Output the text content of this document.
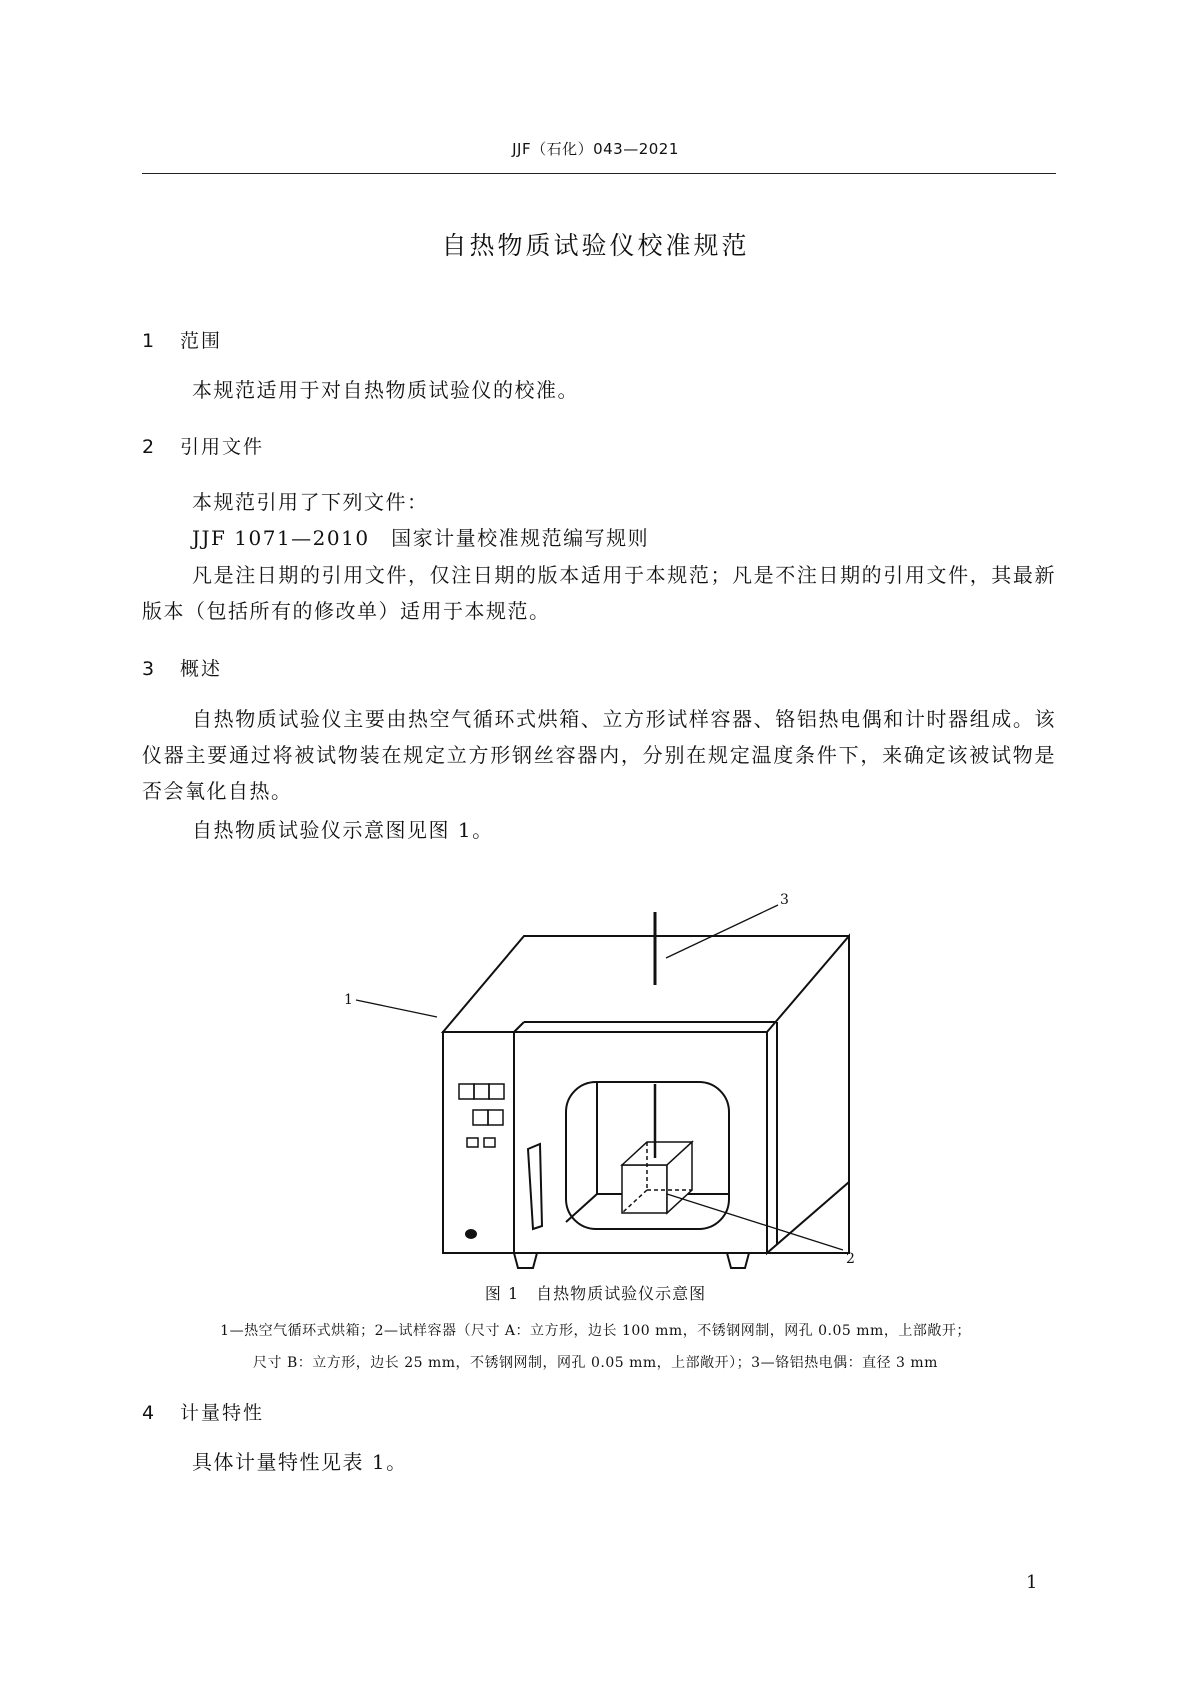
JJF（石化）043—2021
自热物质试验仪校准规范
1 范围
本规范适用于对自热物质试验仪的校准。
2 引用文件
本规范引用了下列文件：
JJF 1071—2010　国家计量校准规范编写规则
凡是注日期的引用文件，仅注日期的版本适用于本规范；凡是不注日期的引用文件，其最新版本（包括所有的修改单）适用于本规范。
3 概述
自热物质试验仪主要由热空气循环式烘箱、立方形试样容器、铬铝热电偶和计时器组成。该仪器主要通过将被试物装在规定立方形钢丝容器内，分别在规定温度条件下，来确定该被试物是否会氧化自热。
自热物质试验仪示意图见图 1。
1
2
3
图 1　自热物质试验仪示意图
1—热空气循环式烘箱；2—试样容器（尺寸 A：立方形，边长 100 mm，不锈钢网制，网孔 0.05 mm，上部敞开；
尺寸 B：立方形，边长 25 mm，不锈钢网制，网孔 0.05 mm，上部敞开）；3—铬铝热电偶：直径 3 mm
4 计量特性
具体计量特性见表 1。
1
